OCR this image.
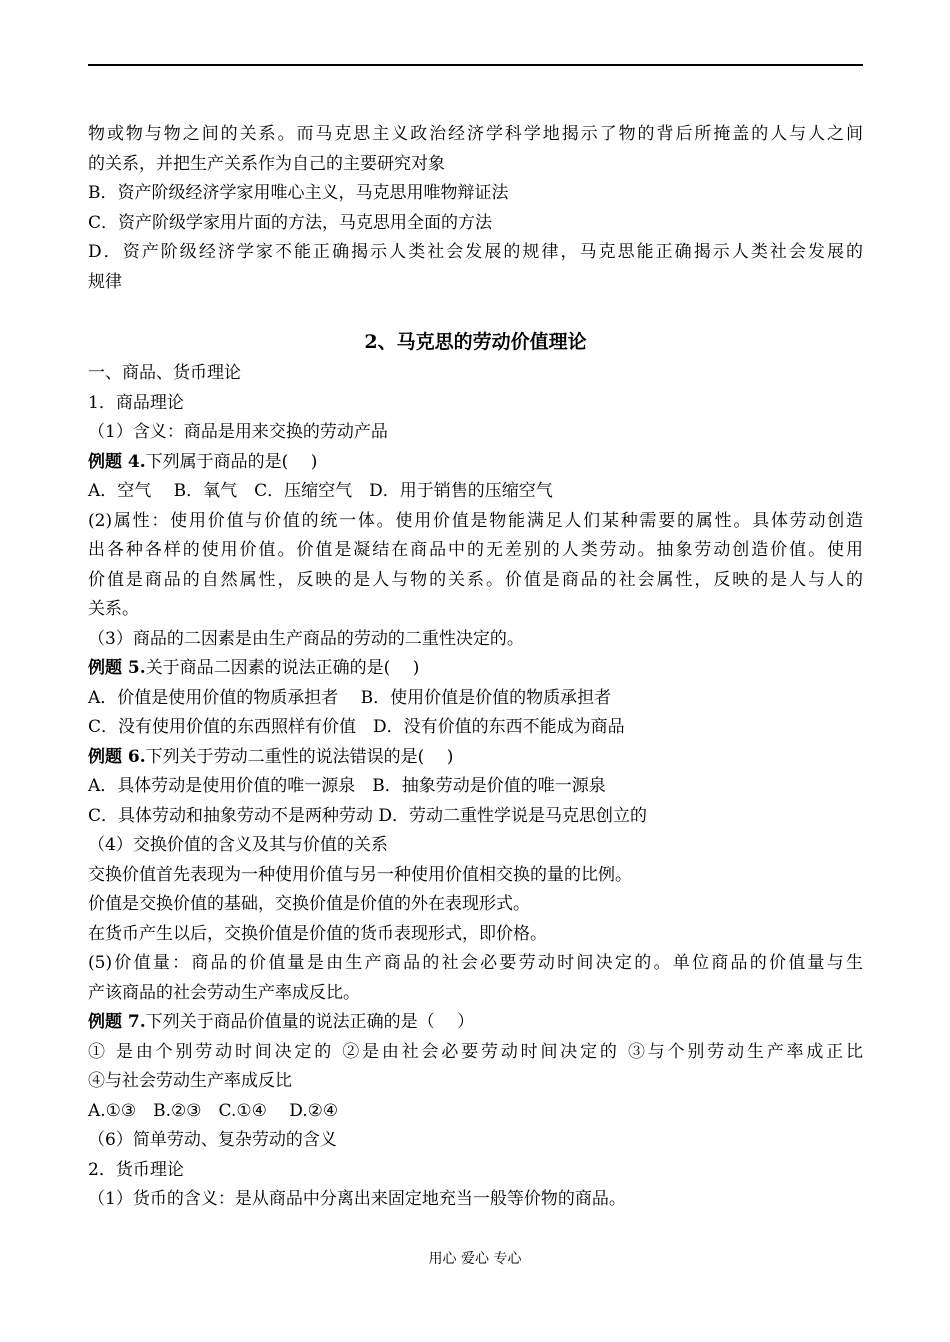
物或物与物之间的关系。而马克思主义政治经济学科学地揭示了物的背后所掩盖的人与人之间
的关系，并把生产关系作为自己的主要研究对象
B．资产阶级经济学家用唯心主义，马克思用唯物辩证法
C．资产阶级学家用片面的方法，马克思用全面的方法
D．资产阶级经济学家不能正确揭示人类社会发展的规律，马克思能正确揭示人类社会发展的
规律
2、马克思的劳动价值理论
一、商品、货币理论
1．商品理论
（1）含义：商品是用来交换的劳动产品
例题 4.下列属于商品的是(　 )
A．空气　 B．氧气　C．压缩空气　D．用于销售的压缩空气
(2)属性：使用价值与价值的统一体。使用价值是物能满足人们某种需要的属性。具体劳动创造
出各种各样的使用价值。价值是凝结在商品中的无差别的人类劳动。抽象劳动创造价值。使用
价值是商品的自然属性，反映的是人与物的关系。价值是商品的社会属性，反映的是人与人的
关系。
（3）商品的二因素是由生产商品的劳动的二重性决定的。
例题 5.关于商品二因素的说法正确的是(　 )
A．价值是使用价值的物质承担者　 B．使用价值是价值的物质承担者
C．没有使用价值的东西照样有价值　D．没有价值的东西不能成为商品
例题 6.下列关于劳动二重性的说法错误的是(　 )
A．具体劳动是使用价值的唯一源泉　B．抽象劳动是价值的唯一源泉
C．具体劳动和抽象劳动不是两种劳动 D．劳动二重性学说是马克思创立的
（4）交换价值的含义及其与价值的关系
交换价值首先表现为一种使用价值与另一种使用价值相交换的量的比例。
价值是交换价值的基础，交换价值是价值的外在表现形式。
在货币产生以后，交换价值是价值的货币表现形式，即价格。
(5)价值量：商品的价值量是由生产商品的社会必要劳动时间决定的。单位商品的价值量与生
产该商品的社会劳动生产率成反比。
例题 7.下列关于商品价值量的说法正确的是（　 ）
① 是由个别劳动时间决定的 ②是由社会必要劳动时间决定的 ③与个别劳动生产率成正比
④与社会劳动生产率成反比
A.①③　B.②③　C.①④　 D.②④
（6）简单劳动、复杂劳动的含义
2．货币理论
（1）货币的含义：是从商品中分离出来固定地充当一般等价物的商品。
用心 爱心 专心
